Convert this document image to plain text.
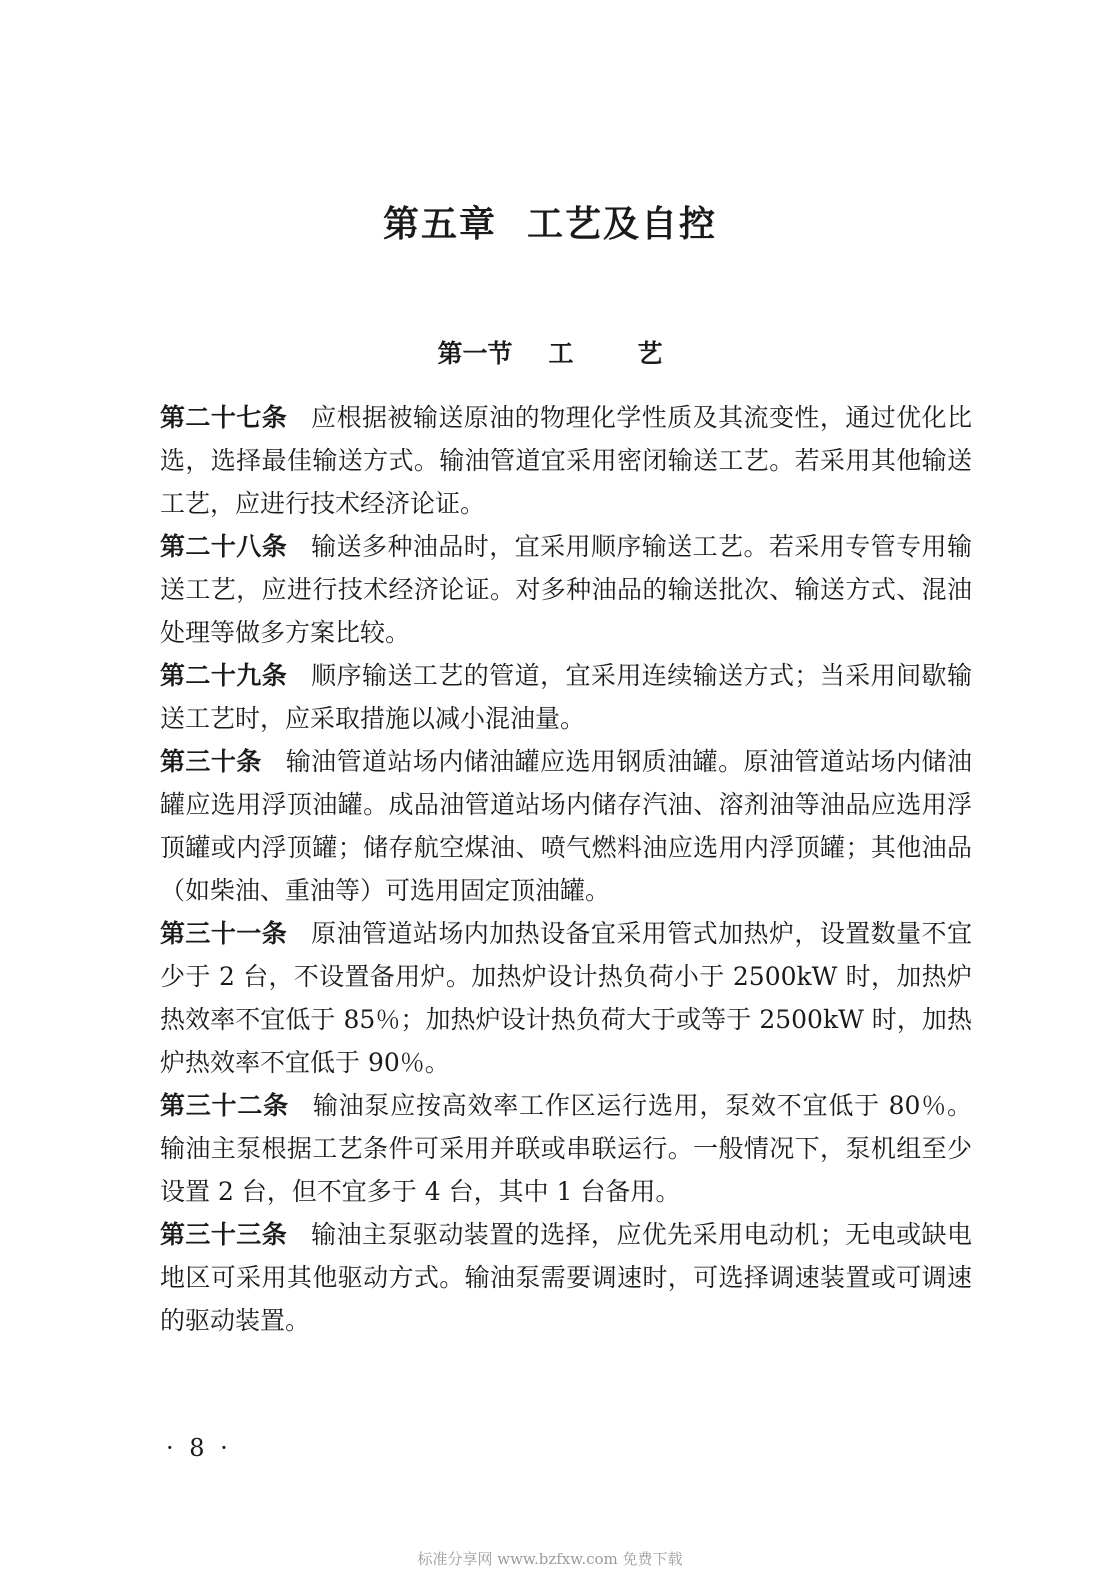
第五章 工艺及自控
第一节 工	艺

第二十七条 应根据被输送原油的物理化学性质及其流变性，通过优化比选，选择最佳输送方式。输油管道宜采用密闭输送工艺。若采用其他输送工艺，应进行技术经济论证。

第二十八条 输送多种油品时，宜采用顺序输送工艺。若采用专管专用输送工艺，应进行技术经济论证。对多种油品的输送批次、输送方式、混油处理等做多方案比较。

第二十九条 顺序输送工艺的管道，宜采用连续输送方式；当采用间歇输送工艺时，应采取措施以减小混油量。

第三十条 输油管道站场内储油罐应选用钢质油罐。原油管道站场内储油罐应选用浮顶油罐。成品油管道站场内储存汽油、溶剂油等油品应选用浮顶罐或内浮顶罐；储存航空煤油、喷气燃料油应选用内浮顶罐；其他油品（如柴油、重油等）可选用固定顶油罐。

第三十一条 原油管道站场内加热设备宜采用管式加热炉，设置数量不宜少于 2 台，不设置备用炉。加热炉设计热负荷小于 2500kW 时，加热炉热效率不宜低于 85％；加热炉设计热负荷大于或等于 2500kW 时，加热炉热效率不宜低于 90％。

第三十二条 输油泵应按高效率工作区运行选用，泵效不宜低于 80％。输油主泵根据工艺条件可采用并联或串联运行。一般情况下，泵机组至少设置 2 台，但不宜多于 4 台，其中 1 台备用。

第三十三条 输油主泵驱动装置的选择，应优先采用电动机；无电或缺电地区可采用其他驱动方式。输油泵需要调速时，可选择调速装置或可调速的驱动装置。

· 8 ·
标准分享网 www.bzfxw.com 免费下载
